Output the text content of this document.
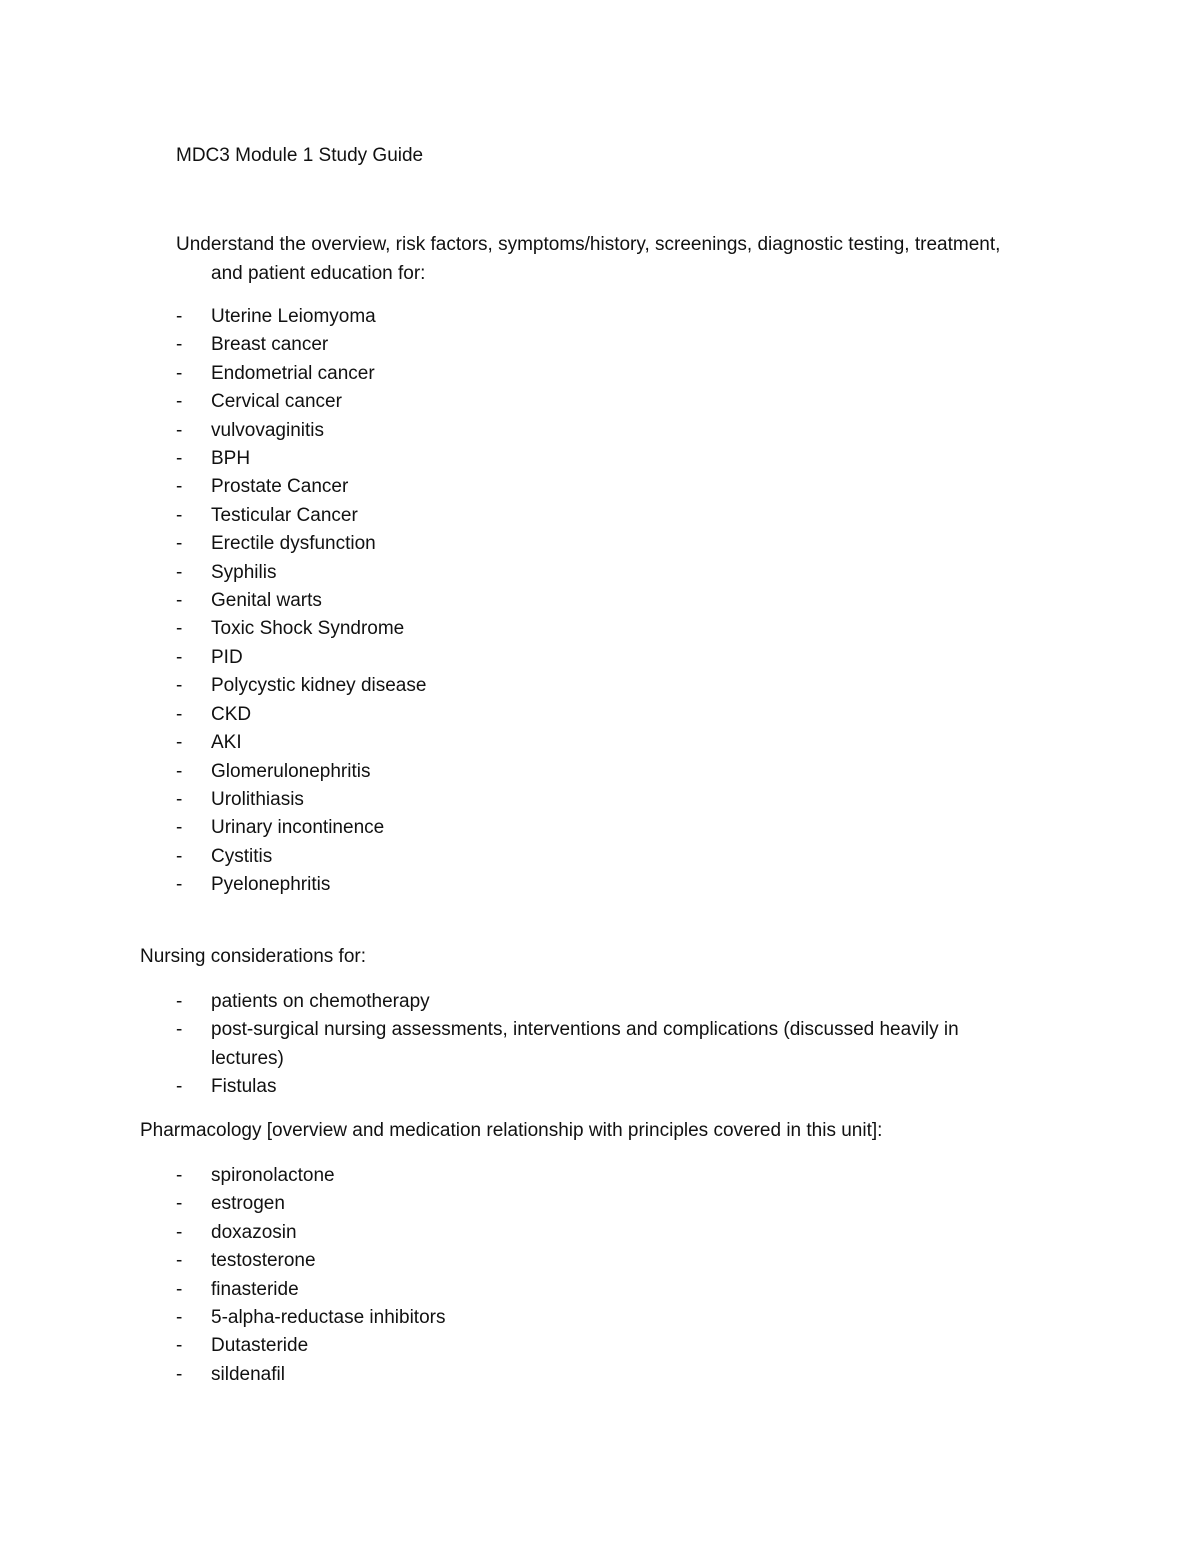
MDC3 Module 1 Study Guide
Understand the overview, risk factors, symptoms/history, screenings, diagnostic testing, treatment,
and patient education for:
- Uterine Leiomyoma
- Breast cancer
- Endometrial cancer
- Cervical cancer
- vulvovaginitis
- BPH
- Prostate Cancer
- Testicular Cancer
- Erectile dysfunction
- Syphilis
- Genital warts
- Toxic Shock Syndrome
- PID
- Polycystic kidney disease
- CKD
- AKI
- Glomerulonephritis
- Urolithiasis
- Urinary incontinence
- Cystitis
- Pyelonephritis
Nursing considerations for:
- patients on chemotherapy
- post-surgical nursing assessments, interventions and complications (discussed heavily in lectures)
- Fistulas
Pharmacology [overview and medication relationship with principles covered in this unit]:
- spironolactone
- estrogen
- doxazosin
- testosterone
- finasteride
- 5-alpha-reductase inhibitors
- Dutasteride
- sildenafil
